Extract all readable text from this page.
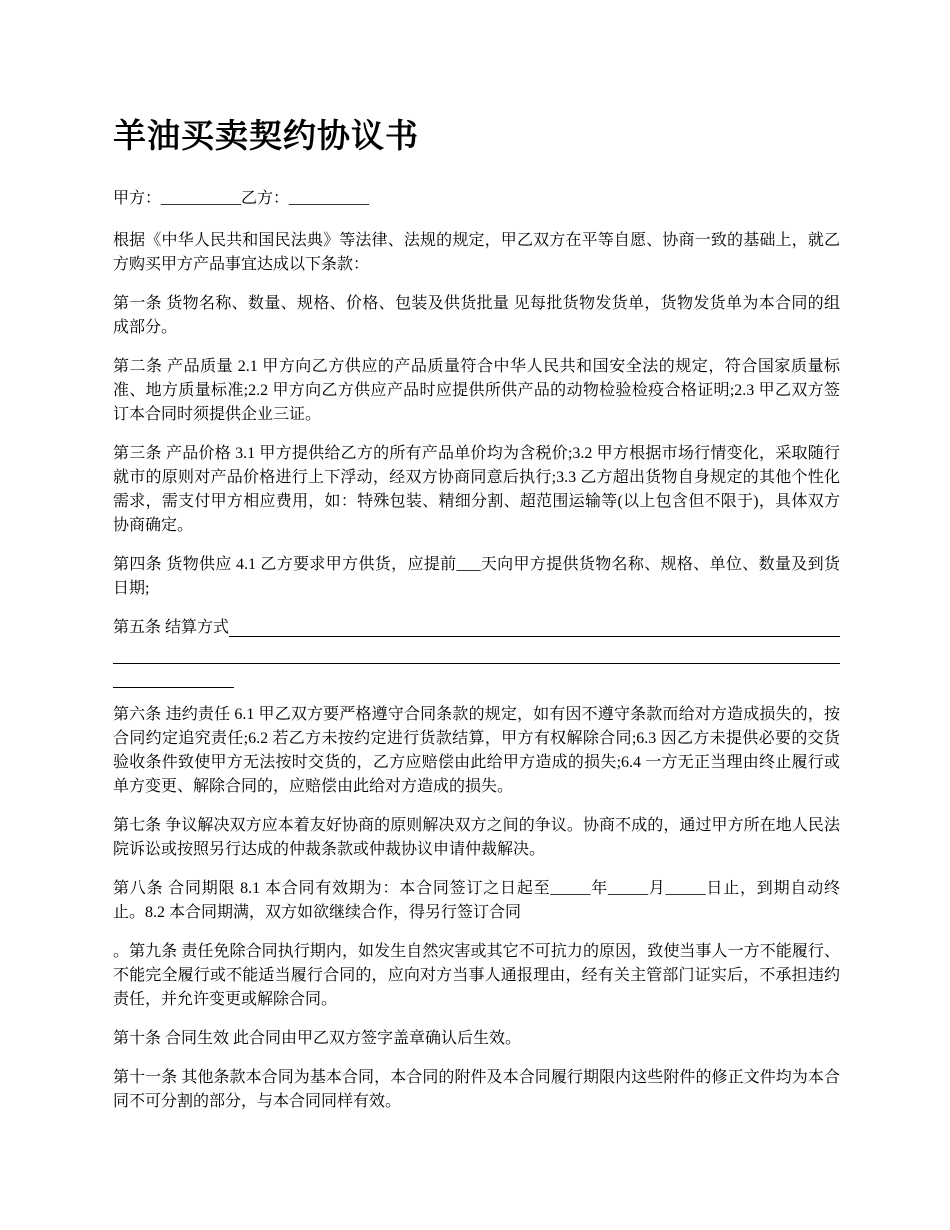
羊油买卖契约协议书

甲方：__________乙方：__________

根据《中华人民共和国民法典》等法律、法规的规定，甲乙双方在平等自愿、协商一致的基础上，就乙方购买甲方产品事宜达成以下条款：

第一条 货物名称、数量、规格、价格、包装及供货批量 见每批货物发货单，货物发货单为本合同的组成部分。

第二条 产品质量 2.1 甲方向乙方供应的产品质量符合中华人民共和国安全法的规定，符合国家质量标准、地方质量标准;2.2 甲方向乙方供应产品时应提供所供产品的动物检验检疫合格证明;2.3 甲乙双方签订本合同时须提供企业三证。

第三条 产品价格 3.1 甲方提供给乙方的所有产品单价均为含税价;3.2 甲方根据市场行情变化，采取随行就市的原则对产品价格进行上下浮动，经双方协商同意后执行;3.3 乙方超出货物自身规定的其他个性化需求，需支付甲方相应费用，如：特殊包装、精细分割、超范围运输等(以上包含但不限于)，具体双方协商确定。

第四条 货物供应 4.1 乙方要求甲方供货，应提前___天向甲方提供货物名称、规格、单位、数量及到货日期;

第五条 结算方式

第六条 违约责任 6.1 甲乙双方要严格遵守合同条款的规定，如有因不遵守条款而给对方造成损失的，按合同约定追究责任;6.2 若乙方未按约定进行货款结算，甲方有权解除合同;6.3 因乙方未提供必要的交货验收条件致使甲方无法按时交货的，乙方应赔偿由此给甲方造成的损失;6.4 一方无正当理由终止履行或单方变更、解除合同的，应赔偿由此给对方造成的损失。

第七条 争议解决双方应本着友好协商的原则解决双方之间的争议。协商不成的，通过甲方所在地人民法院诉讼或按照另行达成的仲裁条款或仲裁协议申请仲裁解决。

第八条 合同期限 8.1 本合同有效期为：本合同签订之日起至_____年_____月_____日止，到期自动终止。8.2 本合同期满，双方如欲继续合作，得另行签订合同

。第九条 责任免除合同执行期内，如发生自然灾害或其它不可抗力的原因，致使当事人一方不能履行、不能完全履行或不能适当履行合同的，应向对方当事人通报理由，经有关主管部门证实后，不承担违约责任，并允许变更或解除合同。

第十条 合同生效 此合同由甲乙双方签字盖章确认后生效。

第十一条 其他条款本合同为基本合同，本合同的附件及本合同履行期限内这些附件的修正文件均为本合同不可分割的部分，与本合同同样有效。
